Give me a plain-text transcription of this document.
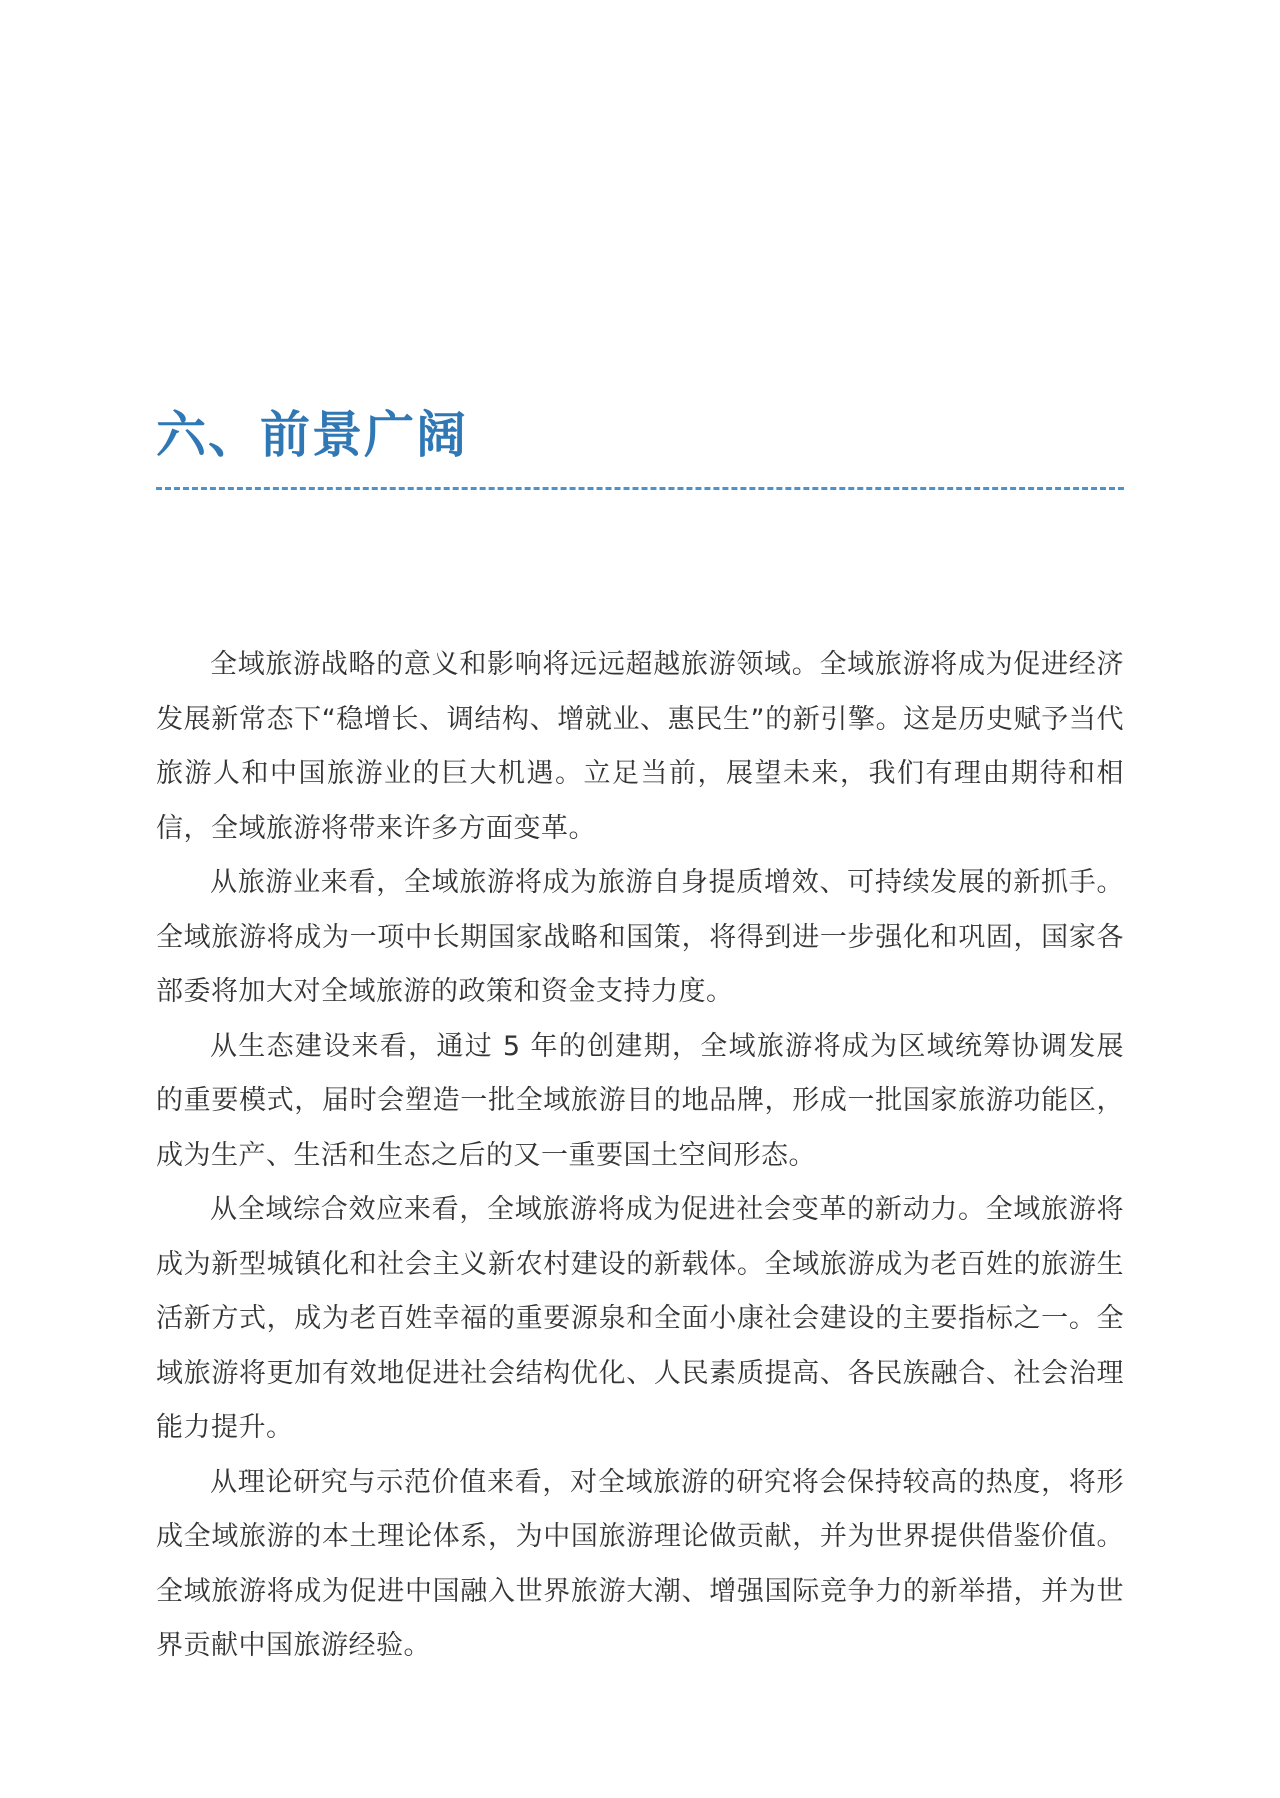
六、前景广阔

全域旅游战略的意义和影响将远远超越旅游领域。全域旅游将成为促进经济发展新常态下“稳增长、调结构、增就业、惠民生”的新引擎。这是历史赋予当代旅游人和中国旅游业的巨大机遇。立足当前，展望未来，我们有理由期待和相信，全域旅游将带来许多方面变革。

从旅游业来看，全域旅游将成为旅游自身提质增效、可持续发展的新抓手。全域旅游将成为一项中长期国家战略和国策，将得到进一步强化和巩固，国家各部委将加大对全域旅游的政策和资金支持力度。

从生态建设来看，通过 5 年的创建期，全域旅游将成为区域统筹协调发展的重要模式，届时会塑造一批全域旅游目的地品牌，形成一批国家旅游功能区，成为生产、生活和生态之后的又一重要国土空间形态。

从全域综合效应来看，全域旅游将成为促进社会变革的新动力。全域旅游将成为新型城镇化和社会主义新农村建设的新载体。全域旅游成为老百姓的旅游生活新方式，成为老百姓幸福的重要源泉和全面小康社会建设的主要指标之一。全域旅游将更加有效地促进社会结构优化、人民素质提高、各民族融合、社会治理能力提升。

从理论研究与示范价值来看，对全域旅游的研究将会保持较高的热度，将形成全域旅游的本土理论体系，为中国旅游理论做贡献，并为世界提供借鉴价值。全域旅游将成为促进中国融入世界旅游大潮、增强国际竞争力的新举措，并为世界贡献中国旅游经验。
